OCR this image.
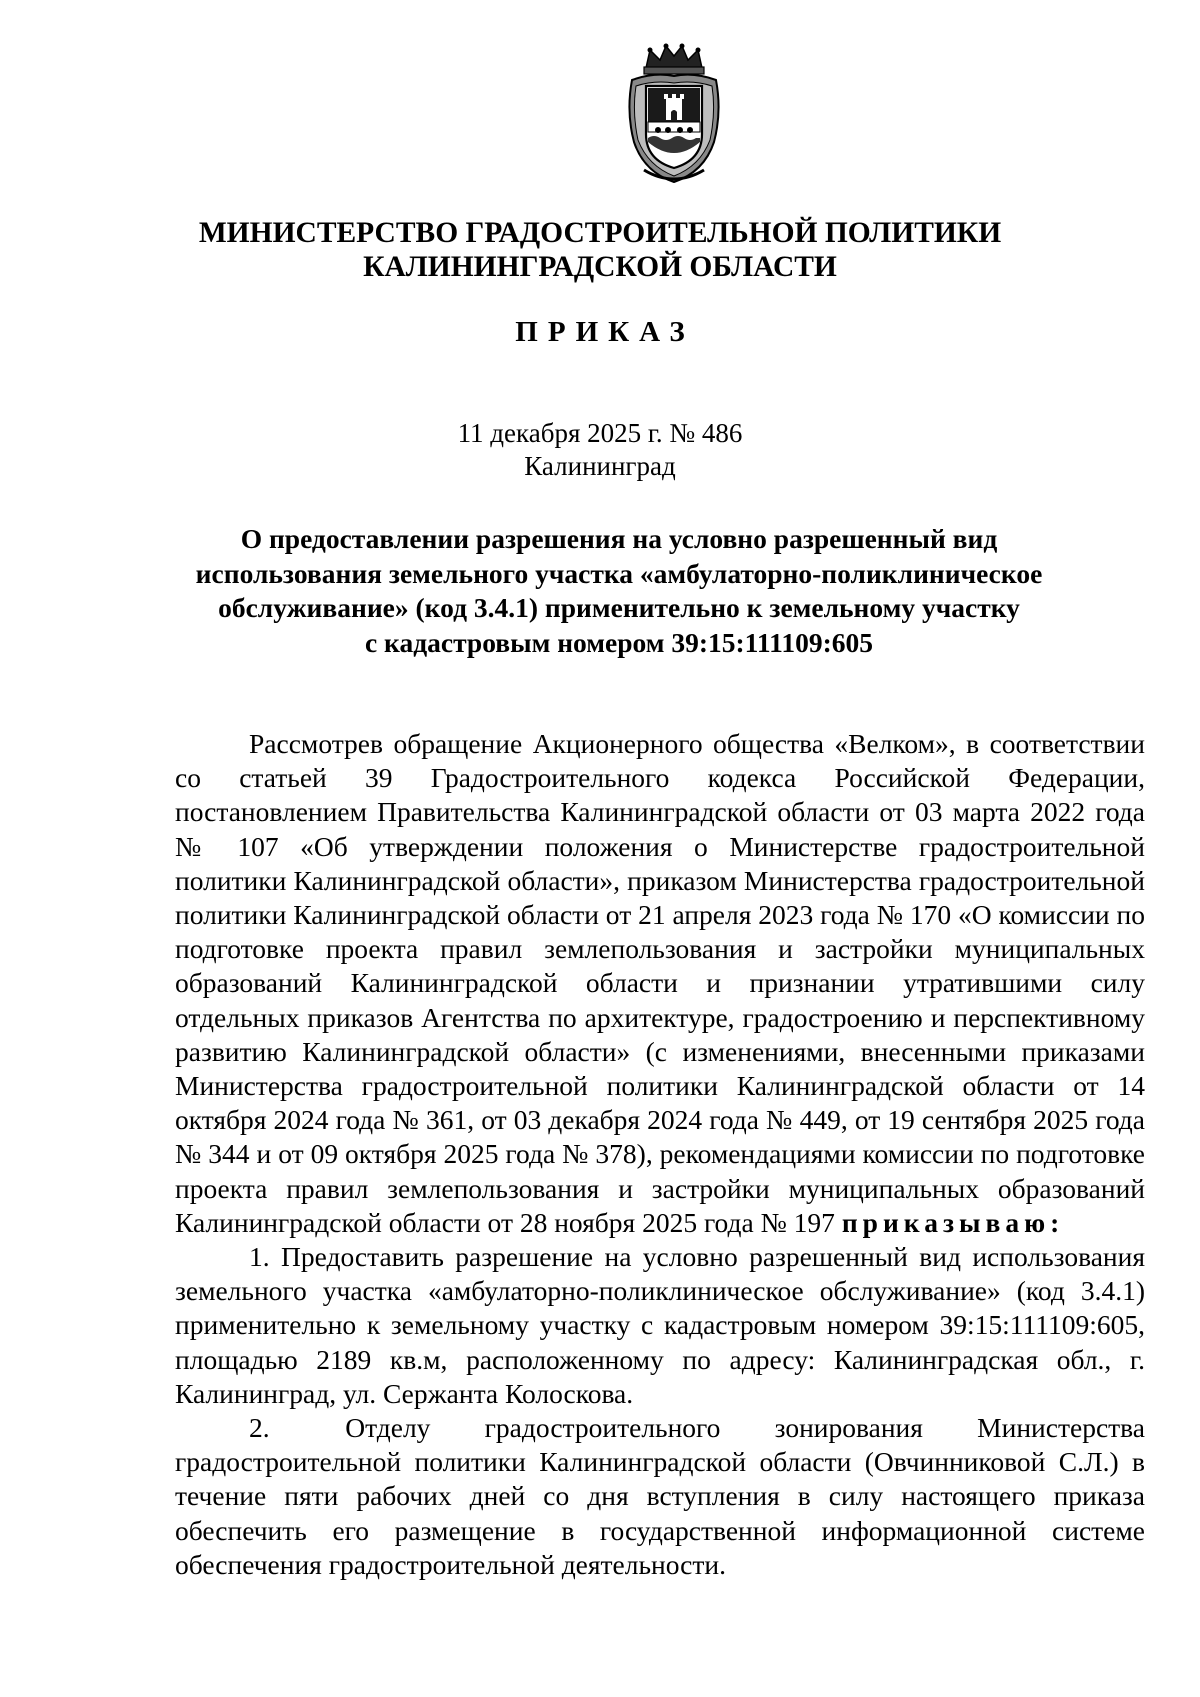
МИНИСТЕРСТВО ГРАДОСТРОИТЕЛЬНОЙ ПОЛИТИКИ
КАЛИНИНГРАДСКОЙ ОБЛАСТИ
ПРИКАЗ
11 декабря 2025 г. № 486
Калининград
О предоставлении разрешения на условно разрешенный вид
использования земельного участка «амбулаторно-поликлиническое
обслуживание» (код 3.4.1) применительно к земельному участку
с кадастровым номером 39:15:111109:605

Рассмотрев обращение Акционерного общества «Велком», в соответствии со статьей 39 Градостроительного кодекса Российской Федерации, постановлением Правительства Калининградской области от 03 марта 2022 года № 107 «Об утверждении положения о Министерстве градостроительной политики Калининградской области», приказом Министерства градостроительной политики Калининградской области от 21 апреля 2023 года № 170 «О комиссии по подготовке проекта правил землепользования и застройки муниципальных образований Калининградской области и признании утратившими силу отдельных приказов Агентства по архитектуре, градостроению и перспективному развитию Калининградской области» (с изменениями, внесенными приказами Министерства градостроительной политики Калининградской области от 14 октября 2024 года № 361, от 03 декабря 2024 года № 449, от 19 сентября 2025 года № 344 и от 09 октября 2025 года № 378), рекомендациями комиссии по подготовке проекта правил землепользования и застройки муниципальных образований Калининградской области от 28 ноября 2025 года № 197 приказываю:

1. Предоставить разрешение на условно разрешенный вид использования земельного участка «амбулаторно-поликлиническое обслуживание» (код 3.4.1) применительно к земельному участку с кадастровым номером 39:15:111109:605, площадью 2189 кв.м, расположенному по адресу: Калининградская обл., г. Калининград, ул. Сержанта Колоскова.

2.	Отделу градостроительного зонирования Министерства градостроительной политики Калининградской области (Овчинниковой С.Л.) в течение пяти рабочих дней со дня вступления в силу настоящего приказа обеспечить его размещение в государственной информационной системе обеспечения градостроительной деятельности.
